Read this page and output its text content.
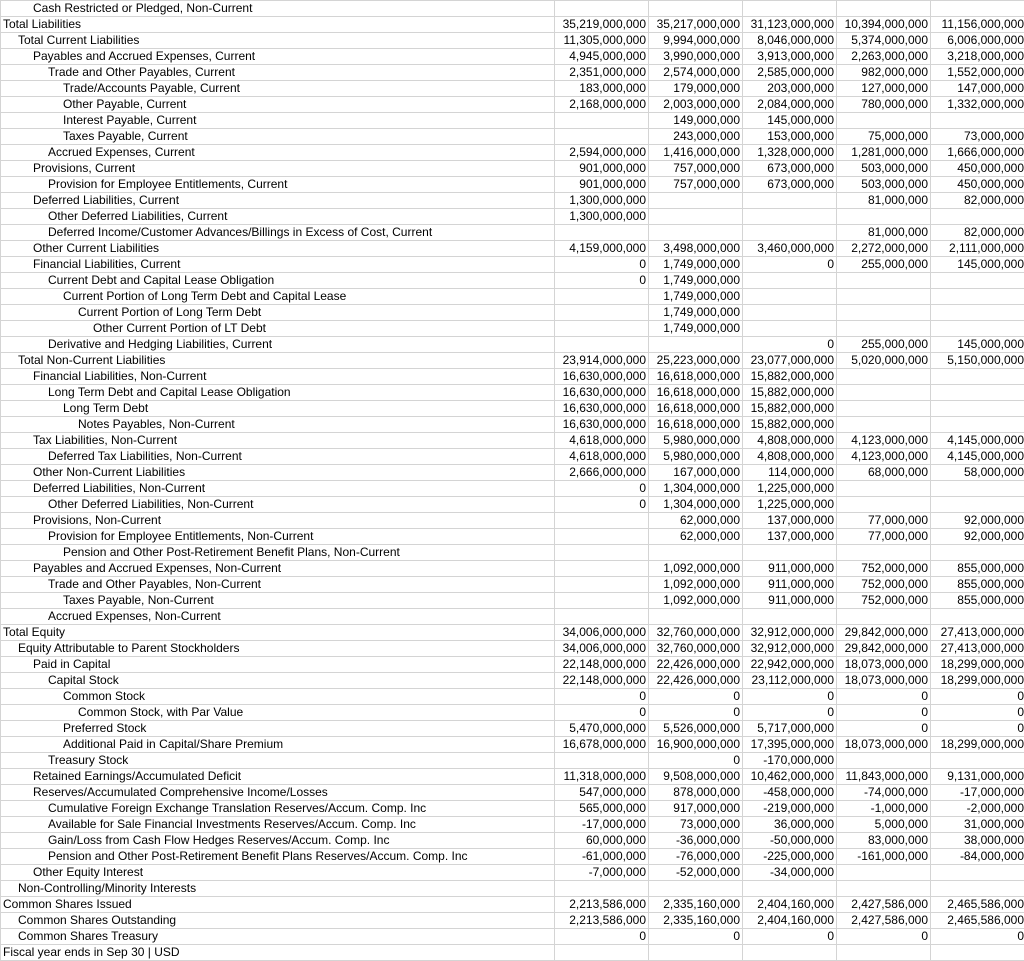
Cash Restricted or Pledged, Non-Current					
Total Liabilities	35,219,000,000	35,217,000,000	31,123,000,000	10,394,000,000	11,156,000,000
Total Current Liabilities	11,305,000,000	9,994,000,000	8,046,000,000	5,374,000,000	6,006,000,000
Payables and Accrued Expenses, Current	4,945,000,000	3,990,000,000	3,913,000,000	2,263,000,000	3,218,000,000
Trade and Other Payables, Current	2,351,000,000	2,574,000,000	2,585,000,000	982,000,000	1,552,000,000
Trade/Accounts Payable, Current	183,000,000	179,000,000	203,000,000	127,000,000	147,000,000
Other Payable, Current	2,168,000,000	2,003,000,000	2,084,000,000	780,000,000	1,332,000,000
Interest Payable, Current		149,000,000	145,000,000		
Taxes Payable, Current		243,000,000	153,000,000	75,000,000	73,000,000
Accrued Expenses, Current	2,594,000,000	1,416,000,000	1,328,000,000	1,281,000,000	1,666,000,000
Provisions, Current	901,000,000	757,000,000	673,000,000	503,000,000	450,000,000
Provision for Employee Entitlements, Current	901,000,000	757,000,000	673,000,000	503,000,000	450,000,000
Deferred Liabilities, Current	1,300,000,000			81,000,000	82,000,000
Other Deferred Liabilities, Current	1,300,000,000				
Deferred Income/Customer Advances/Billings in Excess of Cost, Current				81,000,000	82,000,000
Other Current Liabilities	4,159,000,000	3,498,000,000	3,460,000,000	2,272,000,000	2,111,000,000
Financial Liabilities, Current	0	1,749,000,000	0	255,000,000	145,000,000
Current Debt and Capital Lease Obligation	0	1,749,000,000			
Current Portion of Long Term Debt and Capital Lease		1,749,000,000			
Current Portion of Long Term Debt		1,749,000,000			
Other Current Portion of LT Debt		1,749,000,000			
Derivative and Hedging Liabilities, Current			0	255,000,000	145,000,000
Total Non-Current Liabilities	23,914,000,000	25,223,000,000	23,077,000,000	5,020,000,000	5,150,000,000
Financial Liabilities, Non-Current	16,630,000,000	16,618,000,000	15,882,000,000		
Long Term Debt and Capital Lease Obligation	16,630,000,000	16,618,000,000	15,882,000,000		
Long Term Debt	16,630,000,000	16,618,000,000	15,882,000,000		
Notes Payables, Non-Current	16,630,000,000	16,618,000,000	15,882,000,000		
Tax Liabilities, Non-Current	4,618,000,000	5,980,000,000	4,808,000,000	4,123,000,000	4,145,000,000
Deferred Tax Liabilities, Non-Current	4,618,000,000	5,980,000,000	4,808,000,000	4,123,000,000	4,145,000,000
Other Non-Current Liabilities	2,666,000,000	167,000,000	114,000,000	68,000,000	58,000,000
Deferred Liabilities, Non-Current	0	1,304,000,000	1,225,000,000		
Other Deferred Liabilities, Non-Current	0	1,304,000,000	1,225,000,000		
Provisions, Non-Current		62,000,000	137,000,000	77,000,000	92,000,000
Provision for Employee Entitlements, Non-Current		62,000,000	137,000,000	77,000,000	92,000,000
Pension and Other Post-Retirement Benefit Plans, Non-Current					
Payables and Accrued Expenses, Non-Current		1,092,000,000	911,000,000	752,000,000	855,000,000
Trade and Other Payables, Non-Current		1,092,000,000	911,000,000	752,000,000	855,000,000
Taxes Payable, Non-Current		1,092,000,000	911,000,000	752,000,000	855,000,000
Accrued Expenses, Non-Current					
Total Equity	34,006,000,000	32,760,000,000	32,912,000,000	29,842,000,000	27,413,000,000
Equity Attributable to Parent Stockholders	34,006,000,000	32,760,000,000	32,912,000,000	29,842,000,000	27,413,000,000
Paid in Capital	22,148,000,000	22,426,000,000	22,942,000,000	18,073,000,000	18,299,000,000
Capital Stock	22,148,000,000	22,426,000,000	23,112,000,000	18,073,000,000	18,299,000,000
Common Stock	0	0	0	0	0
Common Stock, with Par Value	0	0	0	0	0
Preferred Stock	5,470,000,000	5,526,000,000	5,717,000,000	0	0
Additional Paid in Capital/Share Premium	16,678,000,000	16,900,000,000	17,395,000,000	18,073,000,000	18,299,000,000
Treasury Stock		0	-170,000,000		
Retained Earnings/Accumulated Deficit	11,318,000,000	9,508,000,000	10,462,000,000	11,843,000,000	9,131,000,000
Reserves/Accumulated Comprehensive Income/Losses	547,000,000	878,000,000	-458,000,000	-74,000,000	-17,000,000
Cumulative Foreign Exchange Translation Reserves/Accum. Comp. Inc	565,000,000	917,000,000	-219,000,000	-1,000,000	-2,000,000
Available for Sale Financial Investments Reserves/Accum. Comp. Inc	-17,000,000	73,000,000	36,000,000	5,000,000	31,000,000
Gain/Loss from Cash Flow Hedges Reserves/Accum. Comp. Inc	60,000,000	-36,000,000	-50,000,000	83,000,000	38,000,000
Pension and Other Post-Retirement Benefit Plans Reserves/Accum. Comp. Inc	-61,000,000	-76,000,000	-225,000,000	-161,000,000	-84,000,000
Other Equity Interest	-7,000,000	-52,000,000	-34,000,000		
Non-Controlling/Minority Interests					
Common Shares Issued	2,213,586,000	2,335,160,000	2,404,160,000	2,427,586,000	2,465,586,000
Common Shares Outstanding	2,213,586,000	2,335,160,000	2,404,160,000	2,427,586,000	2,465,586,000
Common Shares Treasury	0	0	0	0	0
Fiscal year ends in Sep 30 | USD					
